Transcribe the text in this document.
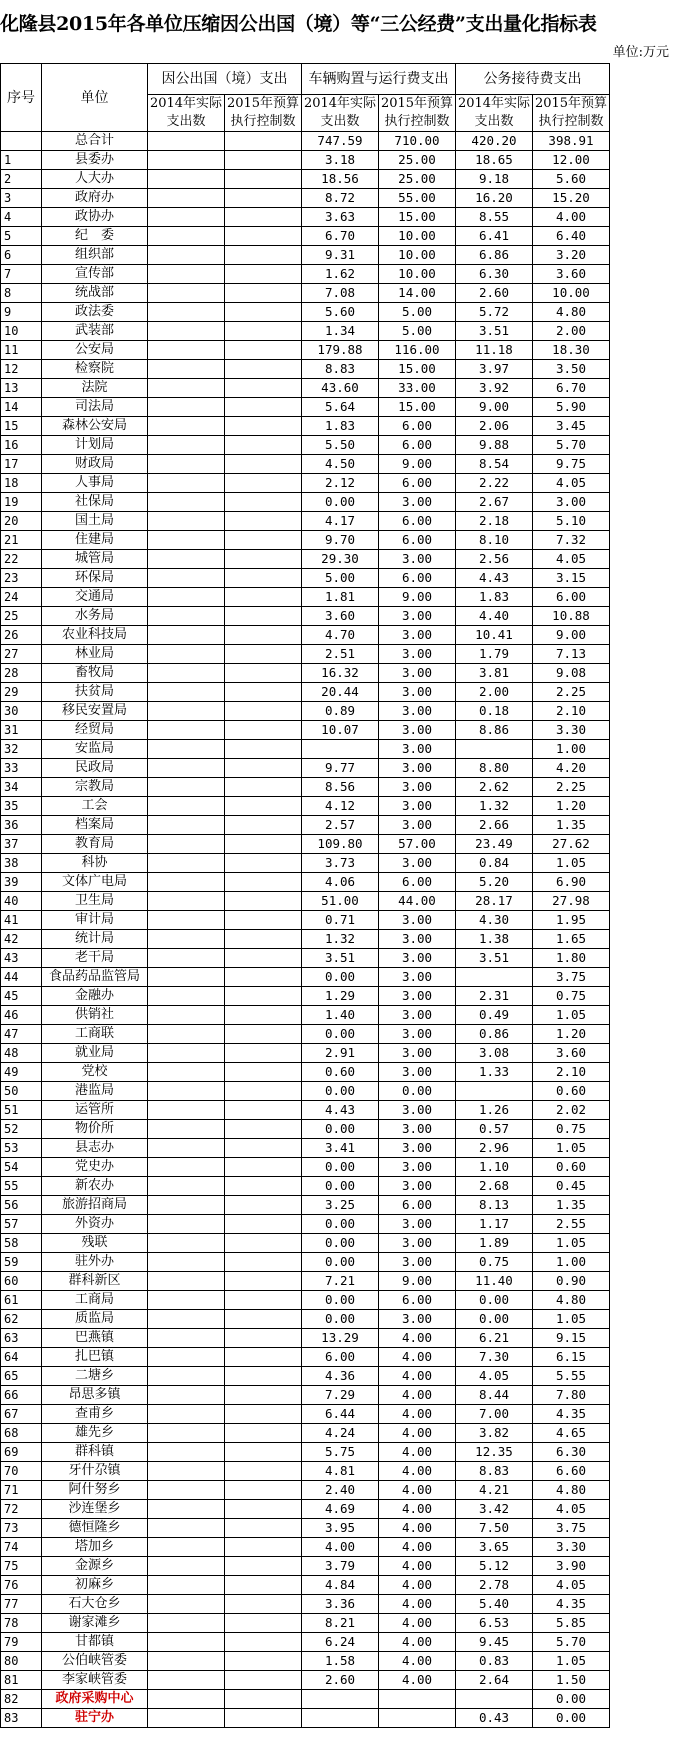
化隆县2015年各单位压缩因公出国（境）等“三公经费”支出量化指标表
单位:万元
序号	单位	因公出国（境）支出		车辆购置与运行费支出		公务接待费支出	
		2014年实际支出数	2015年预算执行控制数	2014年实际支出数	2015年预算执行控制数	2014年实际支出数	2015年预算执行控制数
	总合计			747.59	710.00	420.20	398.91
1	县委办			3.18	25.00	18.65	12.00
2	人大办			18.56	25.00	9.18	5.60
3	政府办			8.72	55.00	16.20	15.20
4	政协办			3.63	15.00	8.55	4.00
5	纪　委			6.70	10.00	6.41	6.40
6	组织部			9.31	10.00	6.86	3.20
7	宣传部			1.62	10.00	6.30	3.60
8	统战部			7.08	14.00	2.60	10.00
9	政法委			5.60	5.00	5.72	4.80
10	武装部			1.34	5.00	3.51	2.00
11	公安局			179.88	116.00	11.18	18.30
12	检察院			8.83	15.00	3.97	3.50
13	法院			43.60	33.00	3.92	6.70
14	司法局			5.64	15.00	9.00	5.90
15	森林公安局			1.83	6.00	2.06	3.45
16	计划局			5.50	6.00	9.88	5.70
17	财政局			4.50	9.00	8.54	9.75
18	人事局			2.12	6.00	2.22	4.05
19	社保局			0.00	3.00	2.67	3.00
20	国土局			4.17	6.00	2.18	5.10
21	住建局			9.70	6.00	8.10	7.32
22	城管局			29.30	3.00	2.56	4.05
23	环保局			5.00	6.00	4.43	3.15
24	交通局			1.81	9.00	1.83	6.00
25	水务局			3.60	3.00	4.40	10.88
26	农业科技局			4.70	3.00	10.41	9.00
27	林业局			2.51	3.00	1.79	7.13
28	畜牧局			16.32	3.00	3.81	9.08
29	扶贫局			20.44	3.00	2.00	2.25
30	移民安置局			0.89	3.00	0.18	2.10
31	经贸局			10.07	3.00	8.86	3.30
32	安监局				3.00		1.00
33	民政局			9.77	3.00	8.80	4.20
34	宗教局			8.56	3.00	2.62	2.25
35	工会			4.12	3.00	1.32	1.20
36	档案局			2.57	3.00	2.66	1.35
37	教育局			109.80	57.00	23.49	27.62
38	科协			3.73	3.00	0.84	1.05
39	文体广电局			4.06	6.00	5.20	6.90
40	卫生局			51.00	44.00	28.17	27.98
41	审计局			0.71	3.00	4.30	1.95
42	统计局			1.32	3.00	1.38	1.65
43	老干局			3.51	3.00	3.51	1.80
44	食品药品监管局			0.00	3.00		3.75
45	金融办			1.29	3.00	2.31	0.75
46	供销社			1.40	3.00	0.49	1.05
47	工商联			0.00	3.00	0.86	1.20
48	就业局			2.91	3.00	3.08	3.60
49	党校			0.60	3.00	1.33	2.10
50	港监局			0.00	0.00		0.60
51	运管所			4.43	3.00	1.26	2.02
52	物价所			0.00	3.00	0.57	0.75
53	县志办			3.41	3.00	2.96	1.05
54	党史办			0.00	3.00	1.10	0.60
55	新农办			0.00	3.00	2.68	0.45
56	旅游招商局			3.25	6.00	8.13	1.35
57	外资办			0.00	3.00	1.17	2.55
58	残联			0.00	3.00	1.89	1.05
59	驻外办			0.00	3.00	0.75	1.00
60	群科新区			7.21	9.00	11.40	0.90
61	工商局			0.00	6.00	0.00	4.80
62	质监局			0.00	3.00	0.00	1.05
63	巴燕镇			13.29	4.00	6.21	9.15
64	扎巴镇			6.00	4.00	7.30	6.15
65	二塘乡			4.36	4.00	4.05	5.55
66	昂思多镇			7.29	4.00	8.44	7.80
67	查甫乡			6.44	4.00	7.00	4.35
68	雄先乡			4.24	4.00	3.82	4.65
69	群科镇			5.75	4.00	12.35	6.30
70	牙什尕镇			4.81	4.00	8.83	6.60
71	阿什努乡			2.40	4.00	4.21	4.80
72	沙连堡乡			4.69	4.00	3.42	4.05
73	德恒隆乡			3.95	4.00	7.50	3.75
74	塔加乡			4.00	4.00	3.65	3.30
75	金源乡			3.79	4.00	5.12	3.90
76	初麻乡			4.84	4.00	2.78	4.05
77	石大仓乡			3.36	4.00	5.40	4.35
78	谢家滩乡			8.21	4.00	6.53	5.85
79	甘都镇			6.24	4.00	9.45	5.70
80	公伯峡管委			1.58	4.00	0.83	1.05
81	李家峡管委			2.60	4.00	2.64	1.50
82	政府采购中心						0.00
83	驻宁办					0.43	0.00
